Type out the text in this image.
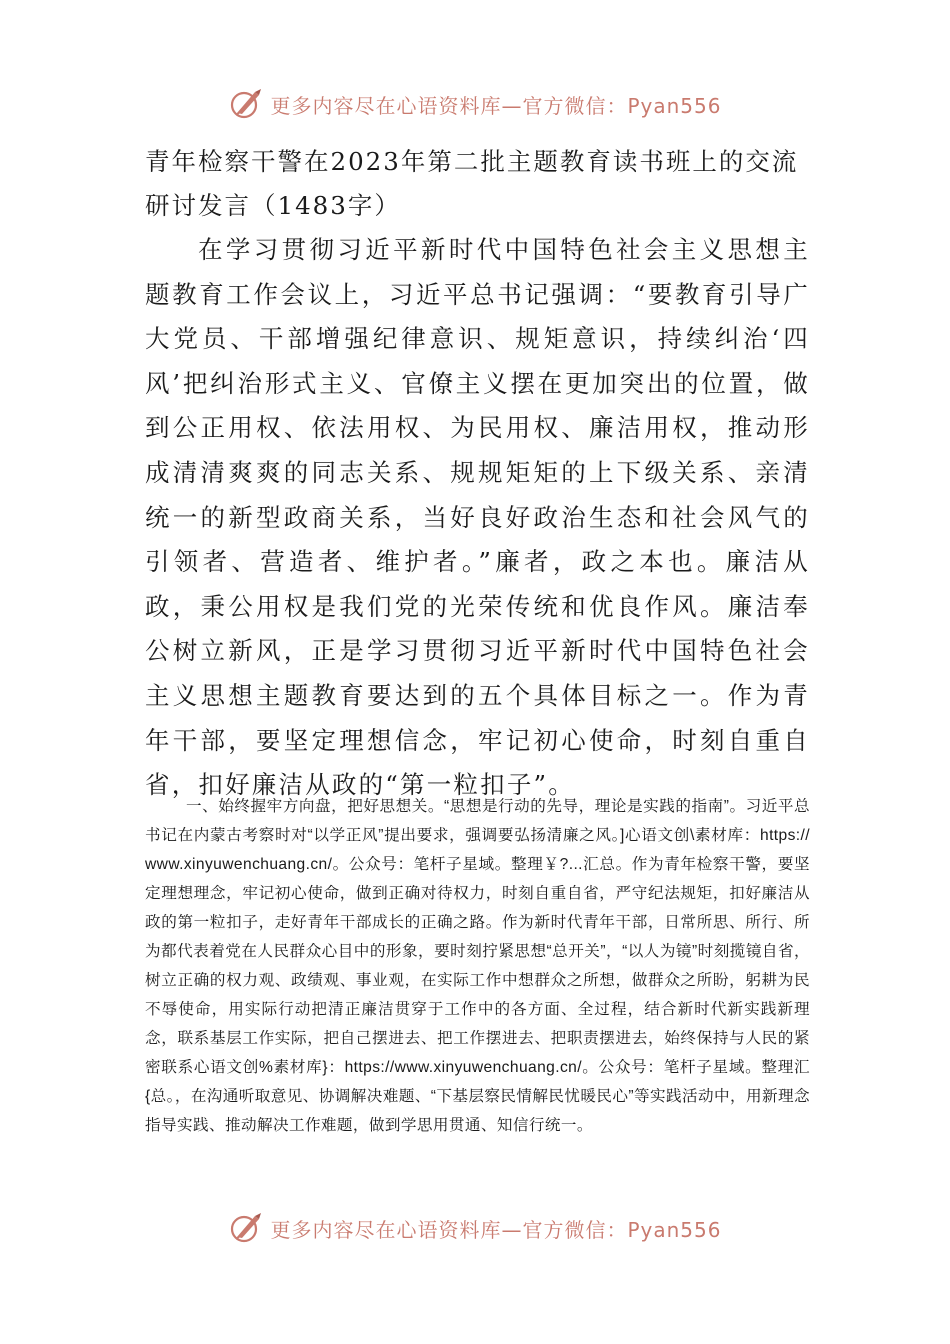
更多内容尽在心语资料库—官方微信：Pyan556
青年检察干警在2023年第二批主题教育读书班上的交流研讨发言（1483字）

在学习贯彻习近平新时代中国特色社会主义思想主题教育工作会议上，习近平总书记强调：“要教育引导广大党员、干部增强纪律意识、规矩意识，持续纠治‘四风’把纠治形式主义、官僚主义摆在更加突出的位置，做到公正用权、依法用权、为民用权、廉洁用权，推动形成清清爽爽的同志关系、规规矩矩的上下级关系、亲清统一的新型政商关系，当好良好政治生态和社会风气的引领者、营造者、维护者。”廉者，政之本也。廉洁从政，秉公用权是我们党的光荣传统和优良作风。廉洁奉公树立新风，正是学习贯彻习近平新时代中国特色社会主义思想主题教育要达到的五个具体目标之一。作为青年干部，要坚定理想信念，牢记初心使命，时刻自重自省，扣好廉洁从政的“第一粒扣子”。

一、始终握牢方向盘，把好思想关。“思想是行动的先导，理论是实践的指南”。习近平总书记在内蒙古考察时对“以学正风”提出要求，强调要弘扬清廉之风。]心语文创\素材库：https://www.xinyuwenchuang.cn/。公众号：笔杆子星域。整理￥?...汇总。作为青年检察干警，要坚定理想理念，牢记初心使命，做到正确对待权力，时刻自重自省，严守纪法规矩，扣好廉洁从政的第一粒扣子，走好青年干部成长的正确之路。作为新时代青年干部，日常所思、所行、所为都代表着党在人民群众心目中的形象，要时刻拧紧思想“总开关”，“以人为镜”时刻揽镜自省，树立正确的权力观、政绩观、事业观，在实际工作中想群众之所想，做群众之所盼，躬耕为民不辱使命，用实际行动把清正廉洁贯穿于工作中的各方面、全过程，结合新时代新实践新理念，联系基层工作实际，把自己摆进去、把工作摆进去、把职责摆进去，始终保持与人民的紧密联系心语文创%素材库}：https://www.xinyuwenchuang.cn/。公众号：笔杆子星域。整理汇{总。，在沟通听取意见、协调解决难题、“下基层察民情解民忧暖民心”等实践活动中，用新理念指导实践、推动解决工作难题，做到学思用贯通、知信行统一。

更多内容尽在心语资料库—官方微信：Pyan556
